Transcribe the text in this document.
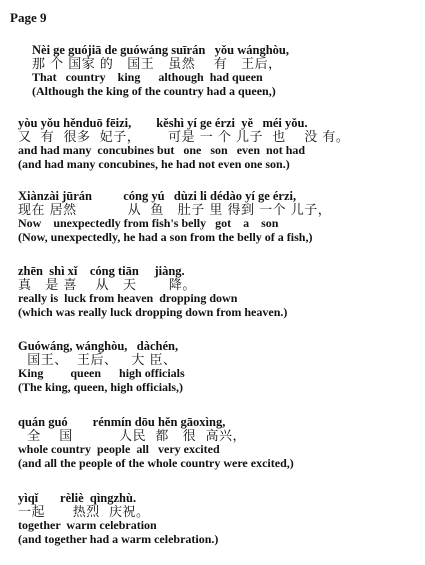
Page 9
Nèi ge guójiā de guówáng suīrán   yǒu wánghòu,
那 个 国家 的   国王   虽然    有   王后，
That   country    king      although  had queen
(Although the king of the country had a queen,)
yòu yǒu hěnduō fēizi,        kěshì yí ge érzi  yě   méi yǒu.
又  有  很多  妃子，      可是 一 个 儿子  也    没 有。
and had many  concubines but   one   son   even  not had
(and had many concubines, he had not even one son.)
Xiànzài jūrán          cóng yú   dùzi li dédào yí ge érzi,
现在 居然           从  鱼   肚子 里 得到 一个 儿子，
Now    unexpectedly from fish's belly   got    a    son
(Now, unexpectedly, he had a son from the belly of a fish,)
zhēn  shì xǐ    cóng tiān     jiàng.
真   是 喜    从   天       降。
really is  luck from heaven  dropping down
(which was really luck dropping down from heaven.)
Guówáng, wánghòu,   dàchén,
国王、  王后、   大 臣、
King         queen      high officials
(The king, queen, high officials,)
quán guó        rénmín dōu hěn gāoxìng,
全    国          人民  都   很  高兴，
whole country  people  all   very excited
(and all the people of the whole country were excited,)
yìqǐ       rèliè  qìngzhù.
一起      热烈  庆祝。
together  warm celebration
(and together had a warm celebration.)
